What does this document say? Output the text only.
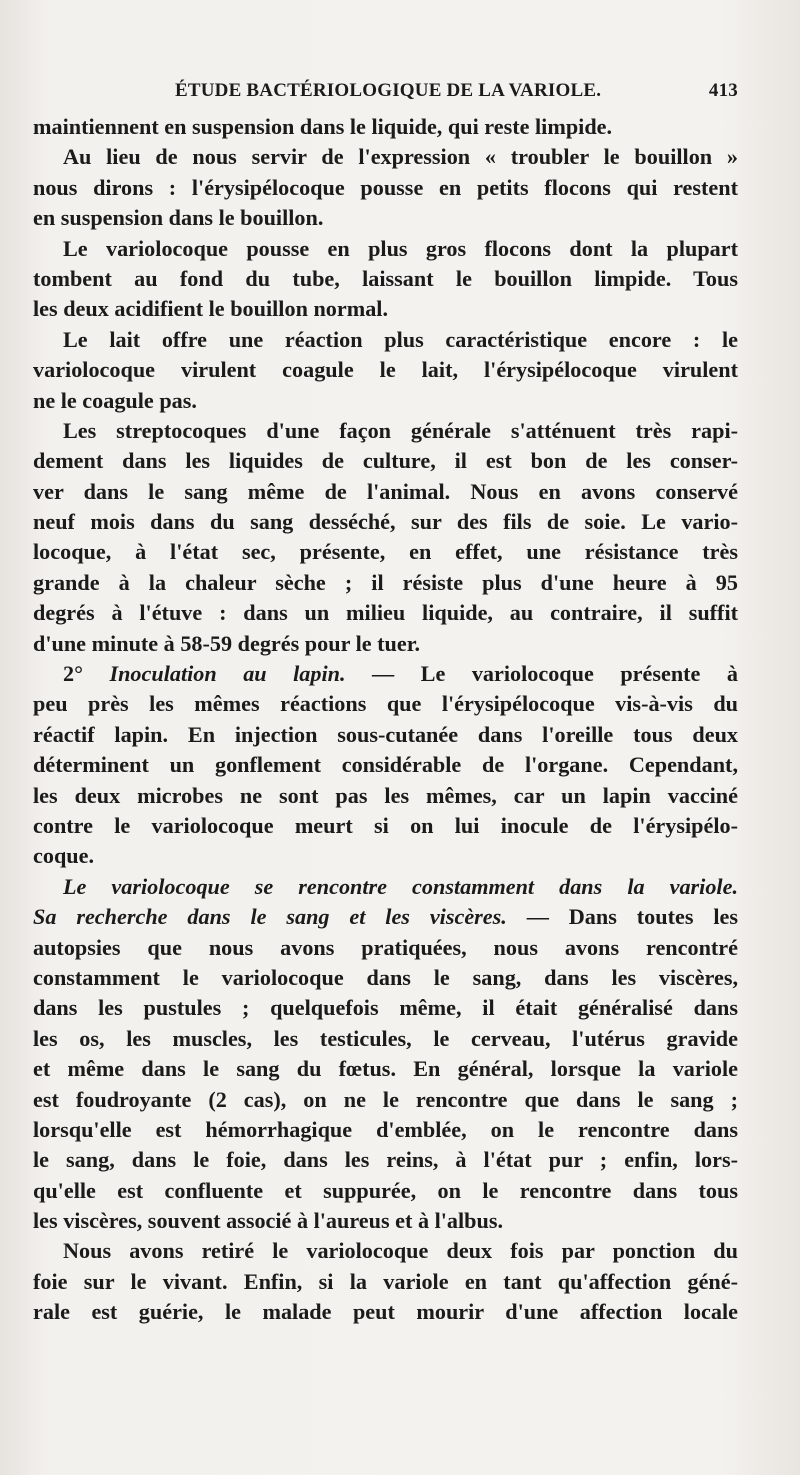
ÉTUDE BACTÉRIOLOGIQUE DE LA VARIOLE.	413
maintiennent en suspension dans le liquide, qui reste limpide.
Au lieu de nous servir de l'expression « troubler le bouillon »
nous dirons : l'érysipélocoque pousse en petits flocons qui restent
en suspension dans le bouillon.
Le variolocoque pousse en plus gros flocons dont la plupart
tombent au fond du tube, laissant le bouillon limpide. Tous
les deux acidifient le bouillon normal.
Le lait offre une réaction plus caractéristique encore : le
variolocoque virulent coagule le lait, l'érysipélocoque virulent
ne le coagule pas.
Les streptocoques d'une façon générale s'atténuent très rapi-
dement dans les liquides de culture, il est bon de les conser-
ver dans le sang même de l'animal. Nous en avons conservé
neuf mois dans du sang desséché, sur des fils de soie. Le vario-
locoque, à l'état sec, présente, en effet, une résistance très
grande à la chaleur sèche ; il résiste plus d'une heure à 95
degrés à l'étuve : dans un milieu liquide, au contraire, il suffit
d'une minute à 58-59 degrés pour le tuer.
2° Inoculation au lapin. — Le variolocoque présente à
peu près les mêmes réactions que l'érysipélocoque vis-à-vis du
réactif lapin. En injection sous-cutanée dans l'oreille tous deux
déterminent un gonflement considérable de l'organe. Cependant,
les deux microbes ne sont pas les mêmes, car un lapin vacciné
contre le variolocoque meurt si on lui inocule de l'érysipélo-
coque.
Le variolocoque se rencontre constamment dans la variole.
Sa recherche dans le sang et les viscères. — Dans toutes les
autopsies que nous avons pratiquées, nous avons rencontré
constamment le variolocoque dans le sang, dans les viscères,
dans les pustules ; quelquefois même, il était généralisé dans
les os, les muscles, les testicules, le cerveau, l'utérus gravide
et même dans le sang du fœtus. En général, lorsque la variole
est foudroyante (2 cas), on ne le rencontre que dans le sang ;
lorsqu'elle est hémorrhagique d'emblée, on le rencontre dans
le sang, dans le foie, dans les reins, à l'état pur ; enfin, lors-
qu'elle est confluente et suppurée, on le rencontre dans tous
les viscères, souvent associé à l'aureus et à l'albus.
Nous avons retiré le variolocoque deux fois par ponction du
foie sur le vivant. Enfin, si la variole en tant qu'affection géné-
rale est guérie, le malade peut mourir d'une affection locale
